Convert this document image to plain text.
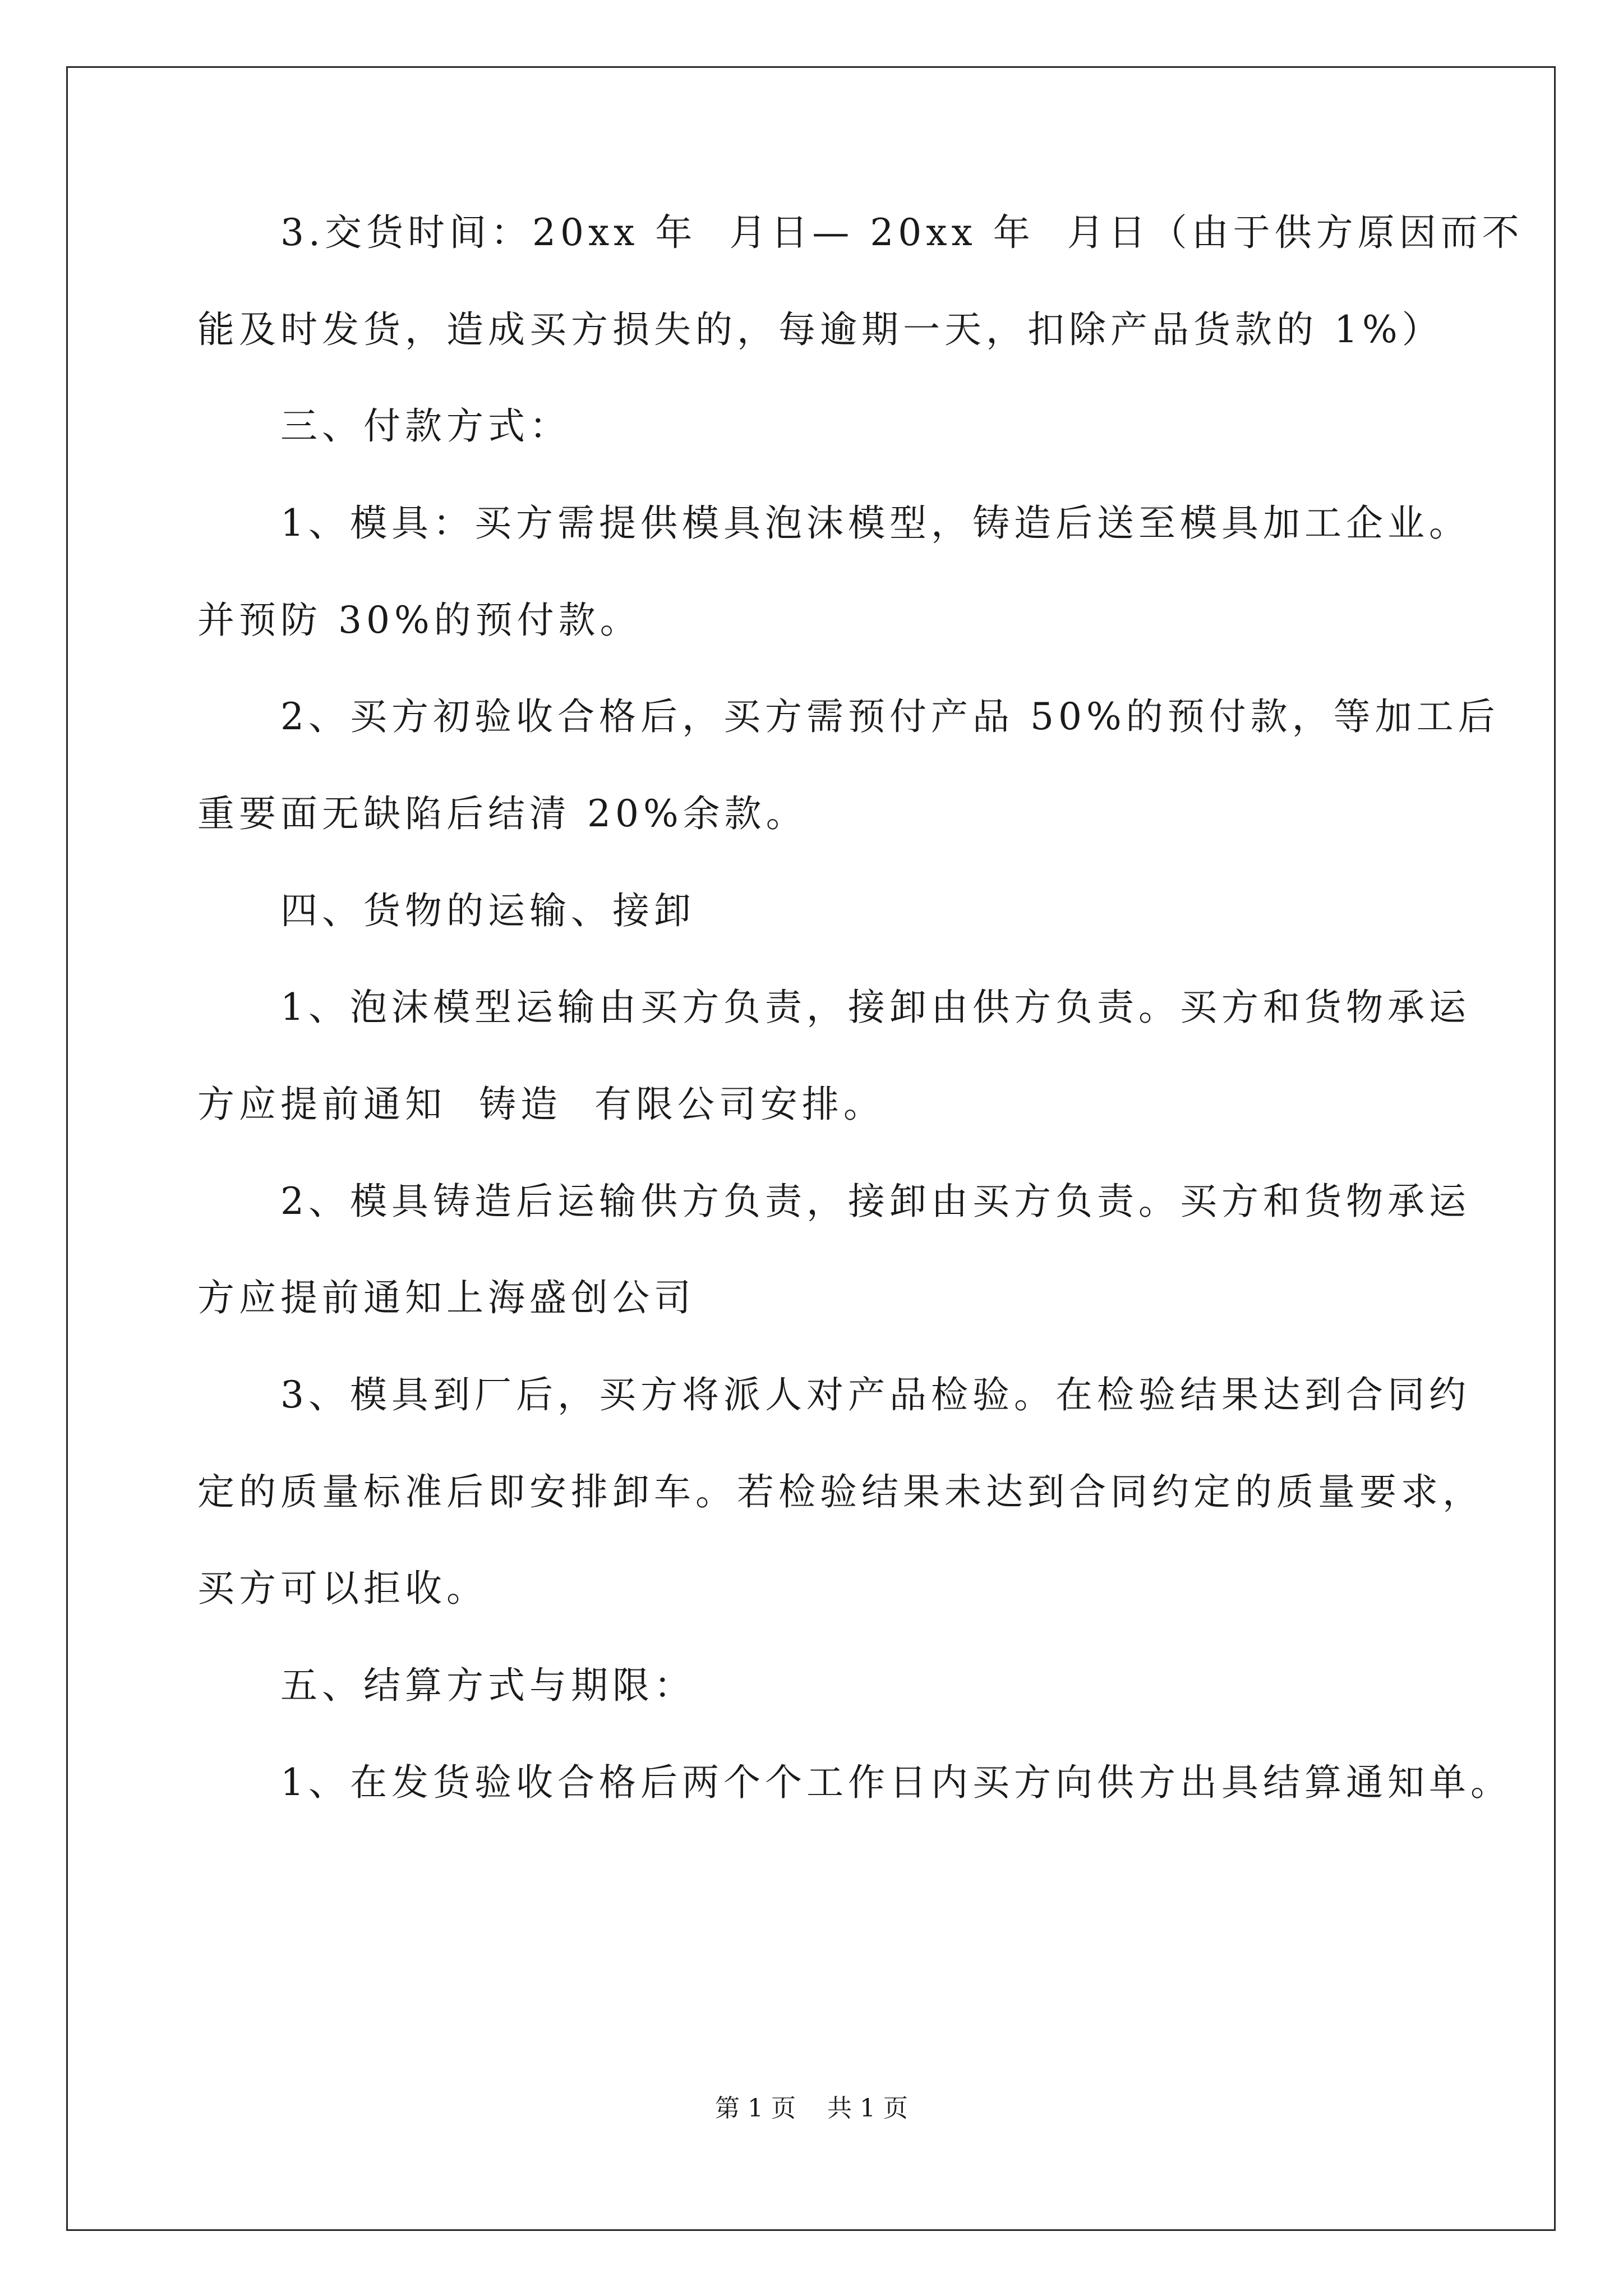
3.交货时间：20xx 年  月日— 20xx 年  月日（由于供方原因而不
能及时发货，造成买方损失的，每逾期一天，扣除产品货款的 1%）
三、付款方式：
1、模具：买方需提供模具泡沫模型，铸造后送至模具加工企业。
并预防 30%的预付款。
2、买方初验收合格后，买方需预付产品 50%的预付款，等加工后
重要面无缺陷后结清 20%余款。
四、货物的运输、接卸
1、泡沫模型运输由买方负责，接卸由供方负责。买方和货物承运
方应提前通知  铸造  有限公司安排。
2、模具铸造后运输供方负责，接卸由买方负责。买方和货物承运
方应提前通知上海盛创公司
3、模具到厂后，买方将派人对产品检验。在检验结果达到合同约
定的质量标准后即安排卸车。若检验结果未达到合同约定的质量要求，
买方可以拒收。
五、结算方式与期限：
1、在发货验收合格后两个个工作日内买方向供方出具结算通知单。
第 1 页    共 1 页
